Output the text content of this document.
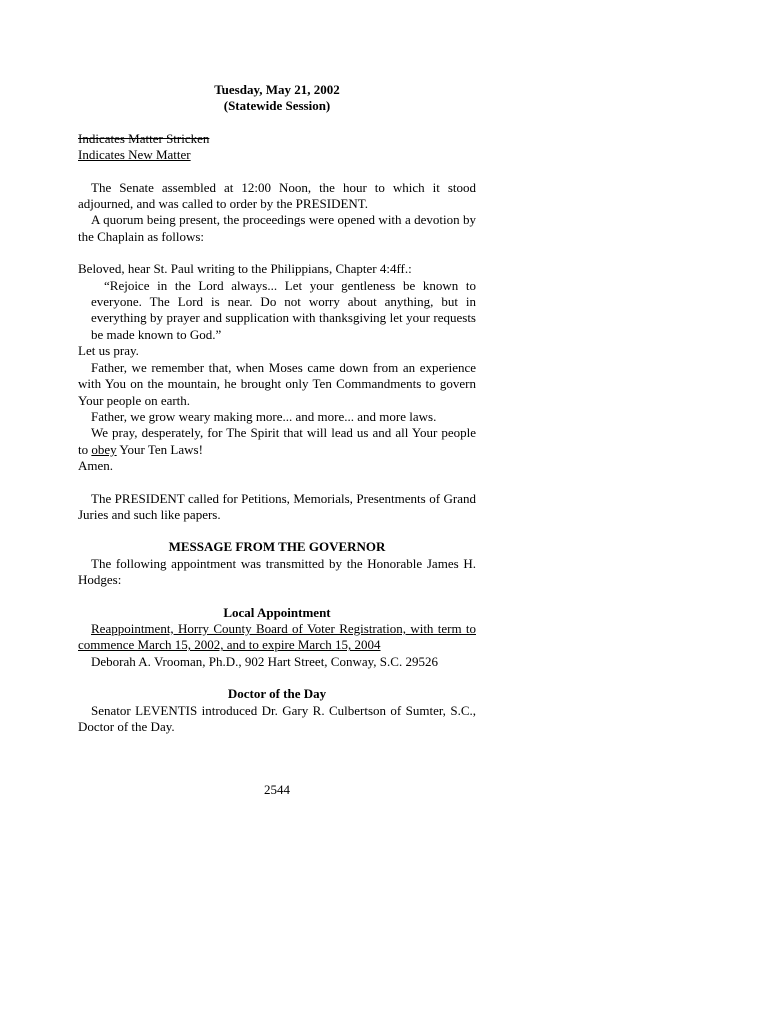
Tuesday, May 21, 2002

(Statewide Session)

Indicates Matter Stricken

Indicates New Matter

The Senate assembled at 12:00 Noon, the hour to which it stood adjourned, and was called to order by the PRESIDENT.

A quorum being present, the proceedings were opened with a devotion by the Chaplain as follows:

Beloved, hear St. Paul writing to the Philippians, Chapter 4:4ff.:

“Rejoice in the Lord always... Let your gentleness be known to everyone. The Lord is near. Do not worry about anything, but in everything by prayer and supplication with thanksgiving let your requests be made known to God.”

Let us pray.

Father, we remember that, when Moses came down from an experience with You on the mountain, he brought only Ten Commandments to govern Your people on earth.

Father, we grow weary making more... and more... and more laws.

We pray, desperately, for The Spirit that will lead us and all Your people to obey Your Ten Laws!

Amen.

The PRESIDENT called for Petitions, Memorials, Presentments of Grand Juries and such like papers.

MESSAGE FROM THE GOVERNOR

The following appointment was transmitted by the Honorable James H. Hodges:

Local Appointment

Reappointment, Horry County Board of Voter Registration, with term to commence March 15, 2002, and to expire March 15, 2004

Deborah A. Vrooman, Ph.D., 902 Hart Street, Conway, S.C. 29526

Doctor of the Day

Senator LEVENTIS introduced Dr. Gary R. Culbertson of Sumter, S.C., Doctor of the Day.

2544
